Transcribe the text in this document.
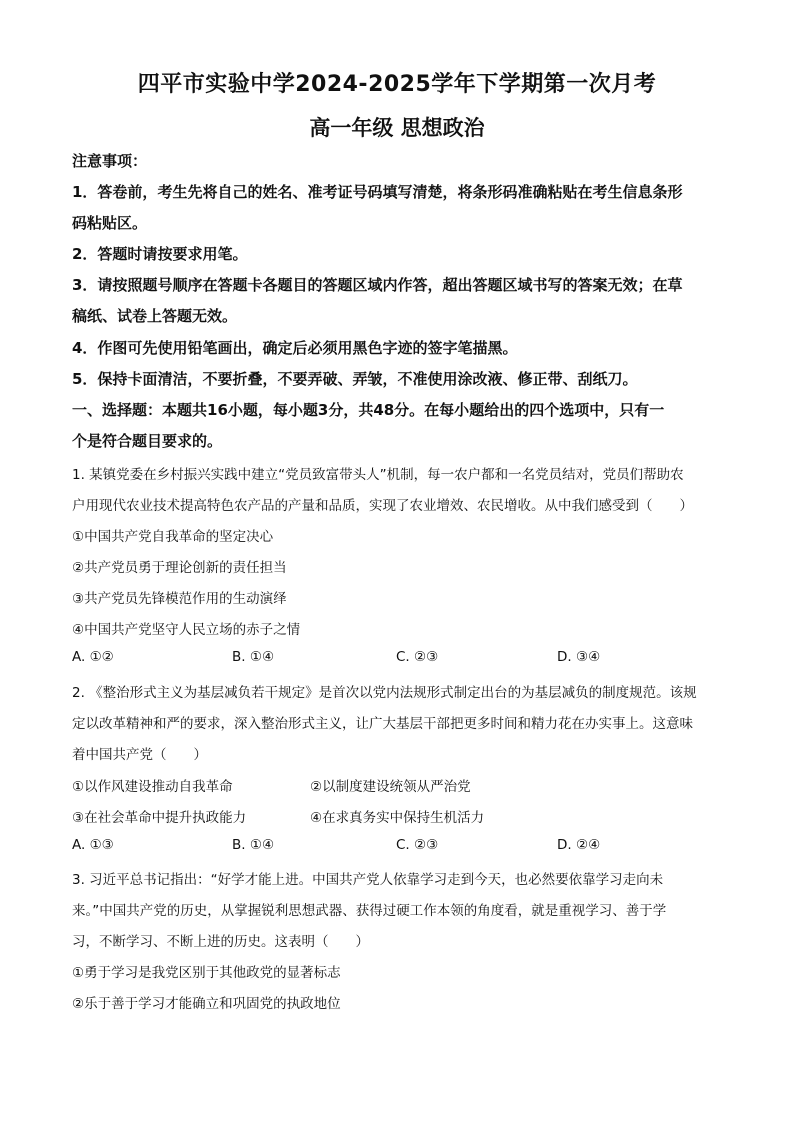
四平市实验中学2024-2025学年下学期第一次月考
高一年级 思想政治
注意事项：
1．答卷前，考生先将自己的姓名、准考证号码填写清楚，将条形码准确粘贴在考生信息条形
码粘贴区。
2．答题时请按要求用笔。
3．请按照题号顺序在答题卡各题目的答题区域内作答，超出答题区域书写的答案无效；在草
稿纸、试卷上答题无效。
4．作图可先使用铅笔画出，确定后必须用黑色字迹的签字笔描黑。
5．保持卡面清洁，不要折叠，不要弄破、弄皱，不准使用涂改液、修正带、刮纸刀。
一、选择题：本题共16小题，每小题3分，共48分。在每小题给出的四个选项中，只有一
个是符合题目要求的。
1. 某镇党委在乡村振兴实践中建立“党员致富带头人”机制，每一农户都和一名党员结对，党员们帮助农
户用现代农业技术提高特色农产品的产量和品质，实现了农业增效、农民增收。从中我们感受到（　　）
①中国共产党自我革命的坚定决心
②共产党员勇于理论创新的责任担当
③共产党员先锋模范作用的生动演绎
④中国共产党坚守人民立场的赤子之情
A. ①②	B. ①④	C. ②③	D. ③④
2. 《整治形式主义为基层减负若干规定》是首次以党内法规形式制定出台的为基层减负的制度规范。该规
定以改革精神和严的要求，深入整治形式主义，让广大基层干部把更多时间和精力花在办实事上。这意味
着中国共产党（　　）
①以作风建设推动自我革命	②以制度建设统领从严治党
③在社会革命中提升执政能力	④在求真务实中保持生机活力
A. ①③	B. ①④	C. ②③	D. ②④
3. 习近平总书记指出：“好学才能上进。中国共产党人依靠学习走到今天，也必然要依靠学习走向未
来。”中国共产党的历史，从掌握锐利思想武器、获得过硬工作本领的角度看，就是重视学习、善于学
习，不断学习、不断上进的历史。这表明（　　）
①勇于学习是我党区别于其他政党的显著标志
②乐于善于学习才能确立和巩固党的执政地位
